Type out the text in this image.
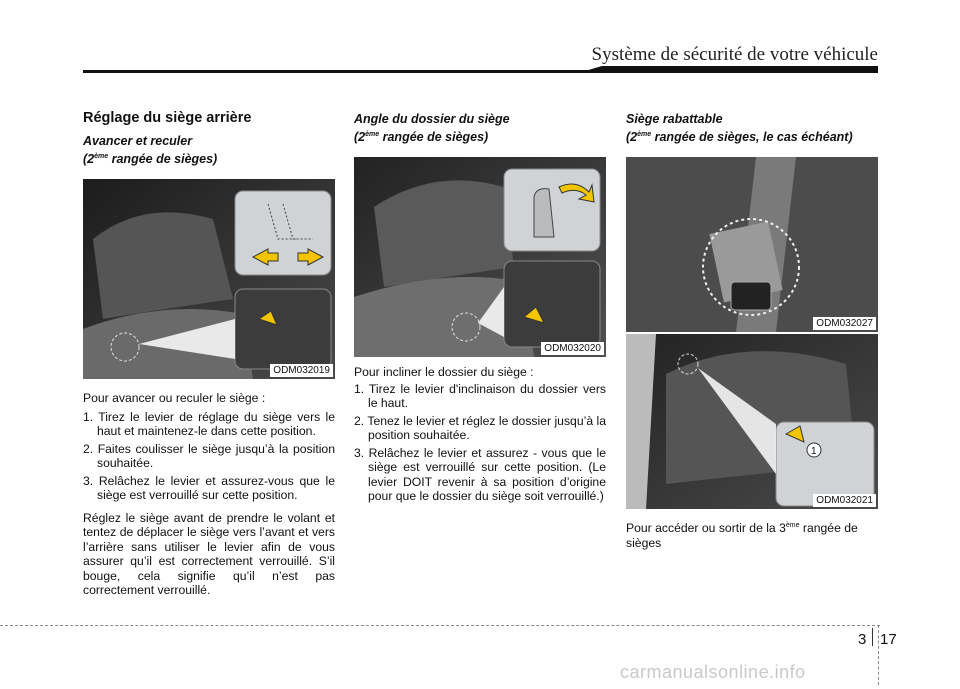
Système de sécurité de votre véhicule
Réglage du siège arrière
Avancer et reculer
(2ème rangée de sièges)
ODM032019

Pour avancer ou reculer le siège :

1. Tirez le levier de réglage du siège vers le haut et maintenez-le dans cette position.
2. Faites coulisser le siège jusqu’à la position souhaitée.
3. Relâchez le levier et assurez-vous que le siège est verrouillé sur cette position.

Réglez le siège avant de prendre le volant et tentez de déplacer le siège vers l’avant et vers l’arrière sans utiliser le levier afin de vous assurer qu’il est correctement verrouillé. S’il bouge, cela signifie qu’il n’est pas correctement verrouillé.

Angle du dossier du siège
(2ème rangée de sièges)
ODM032020

Pour incliner le dossier du siège :

1. Tirez le levier d'inclinaison du dossier vers le haut.
2. Tenez le levier et réglez le dossier jusqu’à la position souhaitée.
3. Relâchez le levier et assurez - vous que le siège est verrouillé sur cette position. (Le levier DOIT revenir à sa position d’origine pour que le dossier du siège soit verrouillé.)
Siège rabattable
(2ème rangée de sièges, le cas échéant)
ODM032027
1
ODM032021

Pour accéder ou sortir de la 3ème rangée de sièges

3 17
carmanualsonline.info
